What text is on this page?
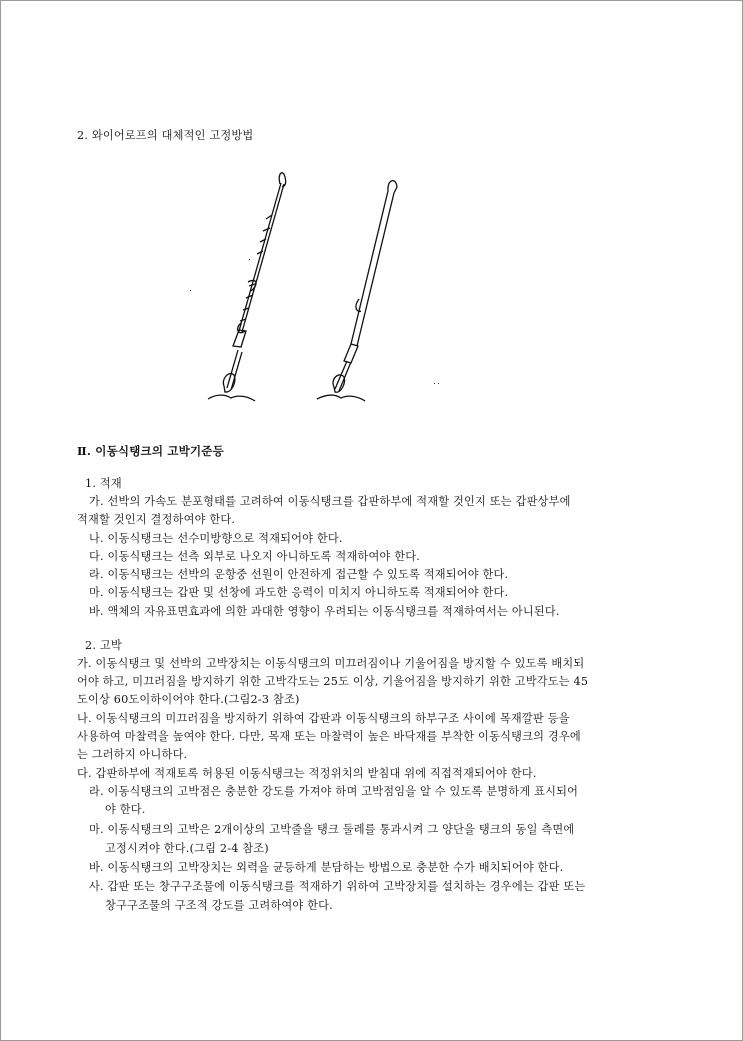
2. 와이어로프의 대체적인 고정방법
Ⅱ. 이동식탱크의 고박기준등
1. 적재
가. 선박의 가속도 분포형태를 고려하여 이동식탱크를 갑판하부에 적재할 것인지 또는 갑판상부에
적재할 것인지 결정하여야 한다.
나. 이동식탱크는 선수미방향으로 적재되어야 한다.
다. 이동식탱크는 선측 외부로 나오지 아니하도록 적재하여야 한다.
라. 이동식탱크는 선박의 운항중 선원이 안전하게 접근할 수 있도록 적재되어야 한다.
마. 이동식탱크는 갑판 및 선창에 과도한 응력이 미치지 아니하도록 적재되어야 한다.
바. 액체의 자유표면효과에 의한 과대한 영향이 우려되는 이동식탱크를 적재하여서는 아니된다.
2. 고박
가. 이동식탱크 및 선박의 고박장치는 이동식탱크의 미끄러짐이나 기울어짐을 방지할 수 있도록 배치되
어야 하고, 미끄러짐을 방지하기 위한 고박각도는 25도 이상, 기울어짐을 방지하기 위한 고박각도는 45
도이상 60도이하이어야 한다.(그림2-3 참조)
나. 이동식탱크의 미끄러짐을 방지하기 위하여 갑판과 이동식탱크의 하부구조 사이에 목재깔판 등을
사용하여 마찰력을 높여야 한다. 다만, 목재 또는 마찰력이 높은 바닥재를 부착한 이동식탱크의 경우에
는 그러하지 아니하다.
다. 갑판하부에 적재토록 허용된 이동식탱크는 적정위치의 받침대 위에 직접적재되어야 한다.
라. 이동식탱크의 고박점은 충분한 강도를 가져야 하며 고박점임을 알 수 있도록 분명하게 표시되어
야 한다.
마. 이동식탱크의 고박은 2개이상의 고박줄을 탱크 둘레를 통과시켜 그 양단을 탱크의 동일 측면에
고정시켜야 한다.(그림 2-4 참조)
바. 이동식탱크의 고박장치는 외력을 균등하게 분담하는 방법으로 충분한 수가 배치되어야 한다.
사. 갑판 또는 창구구조물에 이동식탱크를 적재하기 위하여 고박장치를 설치하는 경우에는 갑판 또는
창구구조물의 구조적 강도를 고려하여야 한다.
